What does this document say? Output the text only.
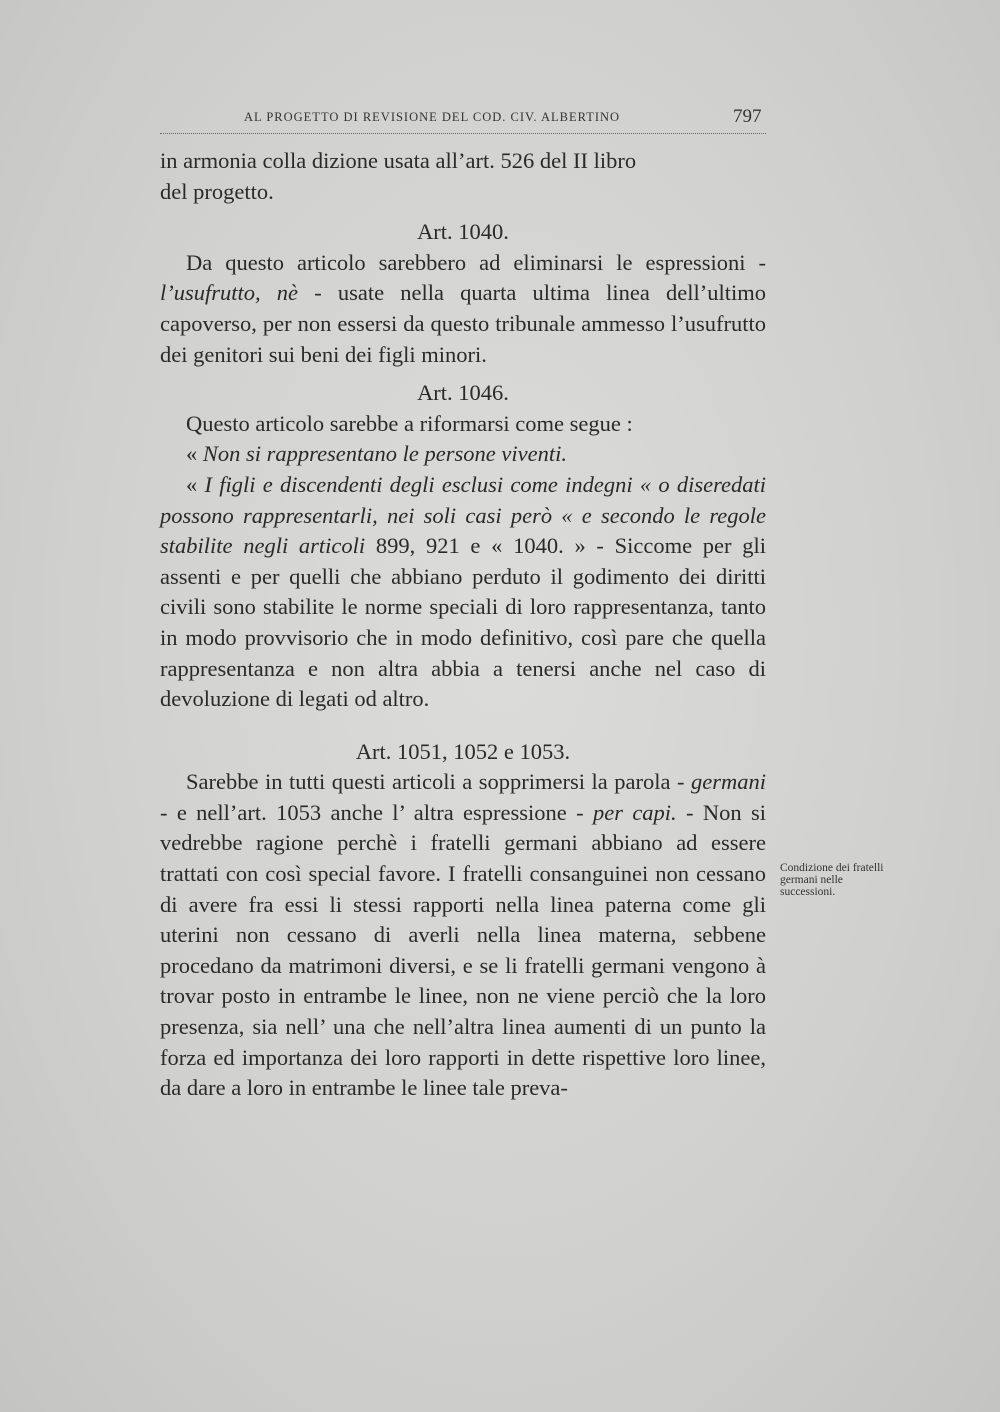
AL PROGETTO DI REVISIONE DEL COD. CIV. ALBERTINO	797

in armonia colla dizione usata all’art. 526 del II libro
del progetto.

Art. 1040.

Da questo articolo sarebbero ad eliminarsi le espressioni - l’usufrutto, nè - usate nella quarta ultima linea dell’ultimo capoverso, per non essersi da questo tribunale ammesso l’usufrutto dei genitori sui beni dei figli minori.

Art. 1046.

Questo articolo sarebbe a riformarsi come segue :

« Non si rappresentano le persone viventi.

« I figli e discendenti degli esclusi come indegni « o diseredati possono rappresentarli, nei soli casi però « e secondo le regole stabilite negli articoli 899, 921 e « 1040. » - Siccome per gli assenti e per quelli che abbiano perduto il godimento dei diritti civili sono stabilite le norme speciali di loro rappresentanza, tanto in modo provvisorio che in modo definitivo, così pare che quella rappresentanza e non altra abbia a tenersi anche nel caso di devoluzione di legati od altro.

Art. 1051, 1052 e 1053.

Sarebbe in tutti questi articoli a sopprimersi la parola - germani - e nell’art. 1053 anche l’ altra espressione - per capi. - Non si vedrebbe ragione perchè i fratelli germani abbiano ad essere trattati con così special favore. I fratelli consanguinei non cessano di avere fra essi li stessi rapporti nella linea paterna come gli uterini non cessano di averli nella linea materna, sebbene procedano da matrimoni diversi, e se li fratelli germani vengono à trovar posto in entrambe le linee, non ne viene perciò che la loro presenza, sia nell’ una che nell’altra linea aumenti di un punto la forza ed importanza dei loro rapporti in dette rispettive loro linee, da dare a loro in entrambe le linee tale preva-

Condizione dei fratelli germani nelle successioni.
